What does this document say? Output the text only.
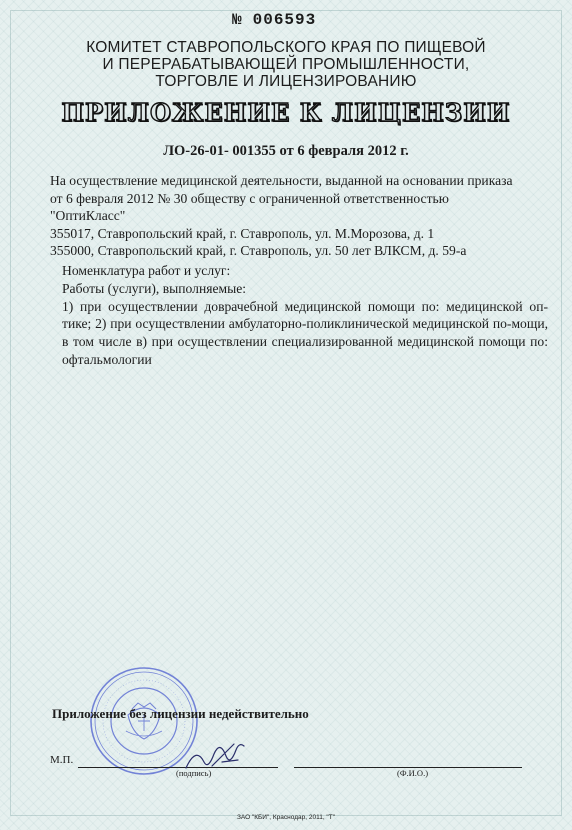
№ 006593
КОМИТЕТ СТАВРОПОЛЬСКОГО КРАЯ ПО ПИЩЕВОЙ
И ПЕРЕРАБАТЫВАЮЩЕЙ ПРОМЫШЛЕННОСТИ,
ТОРГОВЛЕ И ЛИЦЕНЗИРОВАНИЮ
ПРИЛОЖЕНИЕ К ЛИЦЕНЗИИ
ЛО-26-01- 001355 от 6 февраля 2012 г.

На осуществление медицинской деятельности, выданной на основании приказа

от 6 февраля 2012 № 30 обществу с ограниченной ответственностью

"ОптиКласс"

355017, Ставропольский край, г. Ставрополь, ул. М.Морозова, д. 1

355000, Ставропольский край, г. Ставрополь, ул. 50 лет ВЛКСМ, д. 59-а

Номенклатура работ и услуг:
Работы (услуги), выполняемые:
1) при осуществлении доврачебной медицинской помощи по: медицинской оп-тике; 2) при осуществлении амбулаторно-поликлинической медицинской по-мощи, в том числе в) при осуществлении специализированной медицинской помощи по: офтальмологии
Приложение без лицензии недействительно
М.П.
(подпись)	(Ф.И.О.)
ЗАО "КБИ", Краснодар, 2011, "Т"
